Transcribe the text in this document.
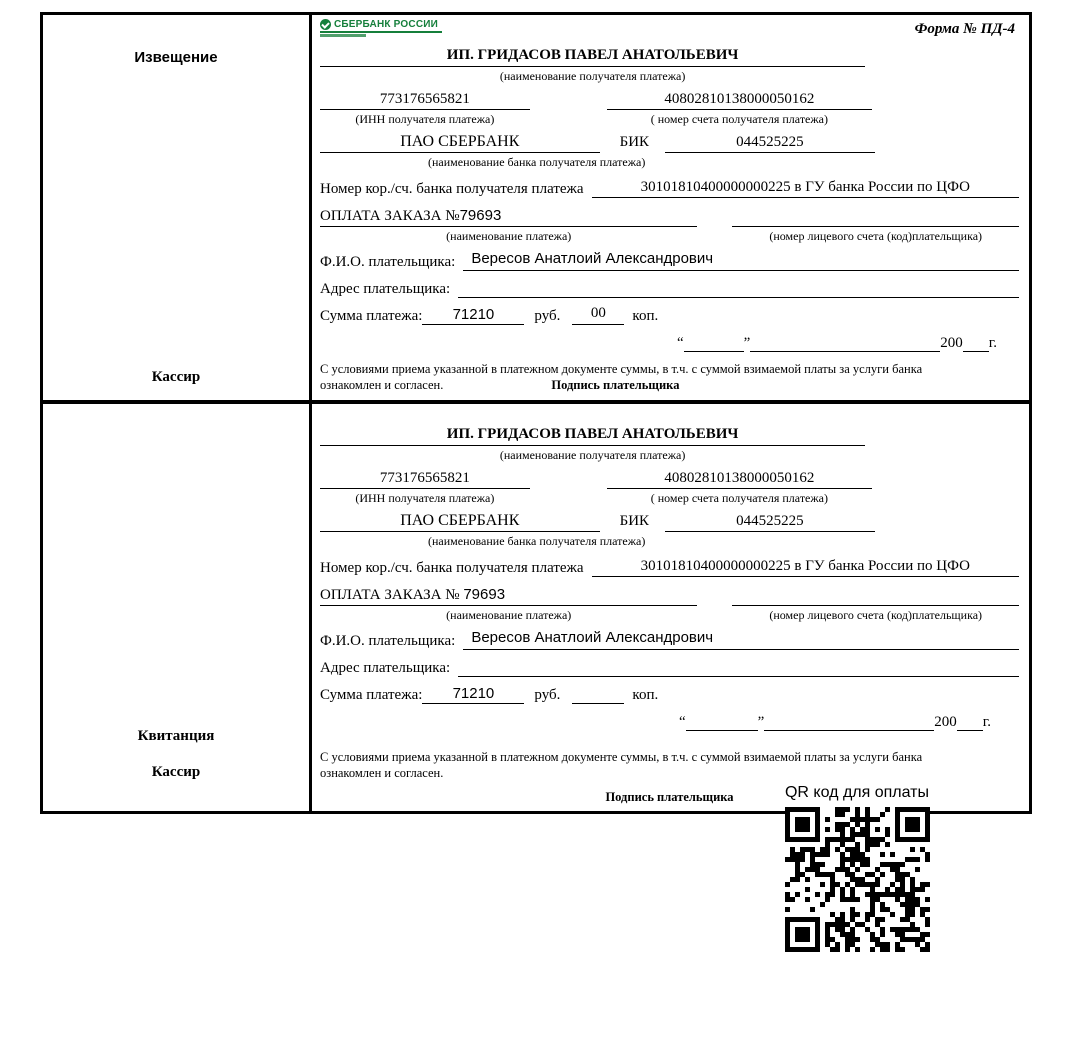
Извещение
Кассир
СБЕРБАНК РОССИИ	Форма № ПД-4
ИП. ГРИДАСОВ ПАВЕЛ АНАТОЛЬЕВИЧ
(наименование получателя платежа)
773176565821
(ИНН получателя платежа)
40802810138000050162
( номер счета получателя платежа)
ПАО СБЕРБАНК	БИК	044525225
(наименование банка получателя платежа)
Номер кор./сч. банка получателя платежа	30101810400000000225 в ГУ банка России по ЦФО
ОПЛАТА ЗАКАЗА №79693
(наименование платежа)	(номер лицевого счета (код)плательщика)
Ф.И.О. плательщика:	Вересов Анатлоий Александрович
Адрес плательщика:
Сумма платежа:	71210	руб.	00	коп.
“	”	200 г.
С условиями приема указанной в платежном документе суммы, в т.ч. с суммой взимаемой платы за услуги банка
ознакомлен и согласен.	Подпись плательщика
Квитанция
Кассир
ИП. ГРИДАСОВ ПАВЕЛ АНАТОЛЬЕВИЧ
(наименование получателя платежа)
773176565821
(ИНН получателя платежа)
40802810138000050162
( номер счета получателя платежа)
ПАО СБЕРБАНК	БИК	044525225
(наименование банка получателя платежа)
Номер кор./сч. банка получателя платежа	30101810400000000225 в ГУ банка России по ЦФО
ОПЛАТА ЗАКАЗА № 79693
(наименование платежа)	(номер лицевого счета (код)плательщика)
Ф.И.О. плательщика:	Вересов Анатлоий Александрович
Адрес плательщика:
Сумма платежа:	71210	руб.	коп.
“	”	200 г.
С условиями приема указанной в платежном документе суммы, в т.ч. с суммой взимаемой платы за услуги банка
ознакомлен и согласен.
Подпись плательщика	QR код для оплаты
